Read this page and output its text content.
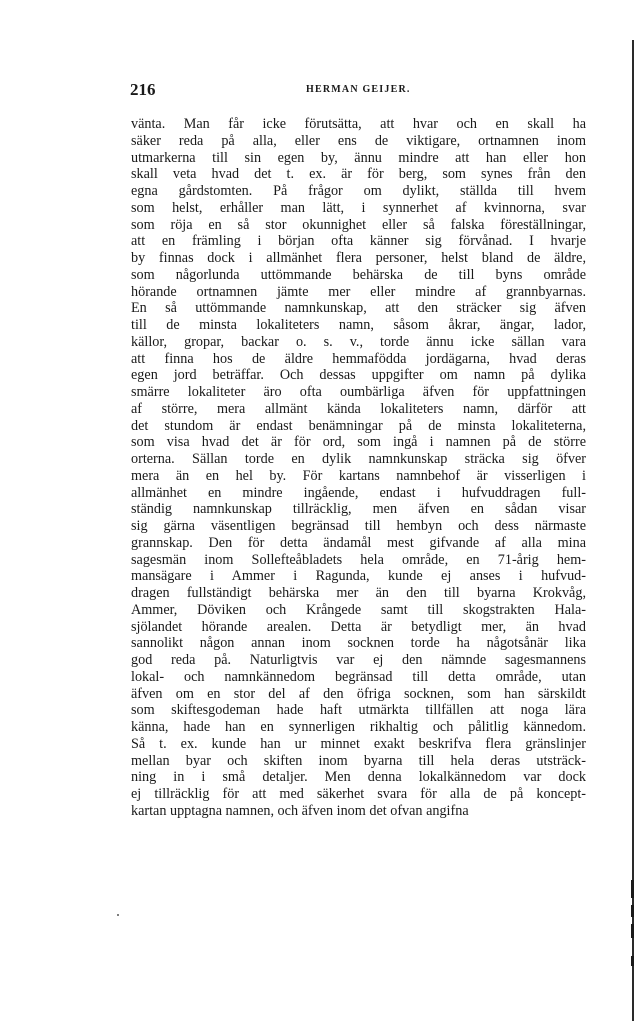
216	HERMAN GEIJER.
vänta. Man får icke förutsätta, att hvar och en skall ha
säker reda på alla, eller ens de viktigare, ortnamnen inom
utmarkerna till sin egen by, ännu mindre att han eller hon
skall veta hvad det t. ex. är för berg, som synes från den
egna gårdstomten. På frågor om dylikt, ställda till hvem
som helst, erhåller man lätt, i synnerhet af kvinnorna, svar
som röja en så stor okunnighet eller så falska föreställningar,
att en främling i början ofta känner sig förvånad. I hvarje
by finnas dock i allmänhet flera personer, helst bland de äldre,
som någorlunda uttömmande behärska de till byns område
hörande ortnamnen jämte mer eller mindre af grannbyarnas.
En så uttömmande namnkunskap, att den sträcker sig äfven
till de minsta lokaliteters namn, såsom åkrar, ängar, lador,
källor, gropar, backar o. s. v., torde ännu icke sällan vara
att finna hos de äldre hemmafödda jordägarna, hvad deras
egen jord beträffar. Och dessas uppgifter om namn på dylika
smärre lokaliteter äro ofta oumbärliga äfven för uppfattningen
af större, mera allmänt kända lokaliteters namn, därför att
det stundom är endast benämningar på de minsta lokaliteterna,
som visa hvad det är för ord, som ingå i namnen på de större
orterna. Sällan torde en dylik namnkunskap sträcka sig öfver
mera än en hel by. För kartans namnbehof är visserligen i
allmänhet en mindre ingående, endast i hufvuddragen full-
ständig namnkunskap tillräcklig, men äfven en sådan visar
sig gärna väsentligen begränsad till hembyn och dess närmaste
grannskap. Den för detta ändamål mest gifvande af alla mina
sagesmän inom Solleftеåbladets hela område, en 71-årig hem-
mansägare i Ammer i Ragunda, kunde ej anses i hufvud-
dragen fullständigt behärska mer än den till byarna Krokvåg,
Ammer, Döviken och Krångede samt till skogstrakten Hala-
sjölandet hörande arealen. Detta är betydligt mer, än hvad
sannolikt någon annan inom socknen torde ha någotsånär lika
god reda på. Naturligtvis var ej den nämnde sagesmannens
lokal- och namnkännedom begränsad till detta område, utan
äfven om en stor del af den öfriga socknen, som han särskildt
som skiftesgodeman hade haft utmärkta tillfällen att noga lära
känna, hade han en synnerligen rikhaltig och pålitlig kännedom.
Så t. ex. kunde han ur minnet exakt beskrifva flera gränslinjer
mellan byar och skiften inom byarna till hela deras utsträck-
ning in i små detaljer. Men denna lokalkännedom var dock
ej tillräcklig för att med säkerhet svara för alla de på koncept-
kartan upptagna namnen, och äfven inom det ofvan angifna
